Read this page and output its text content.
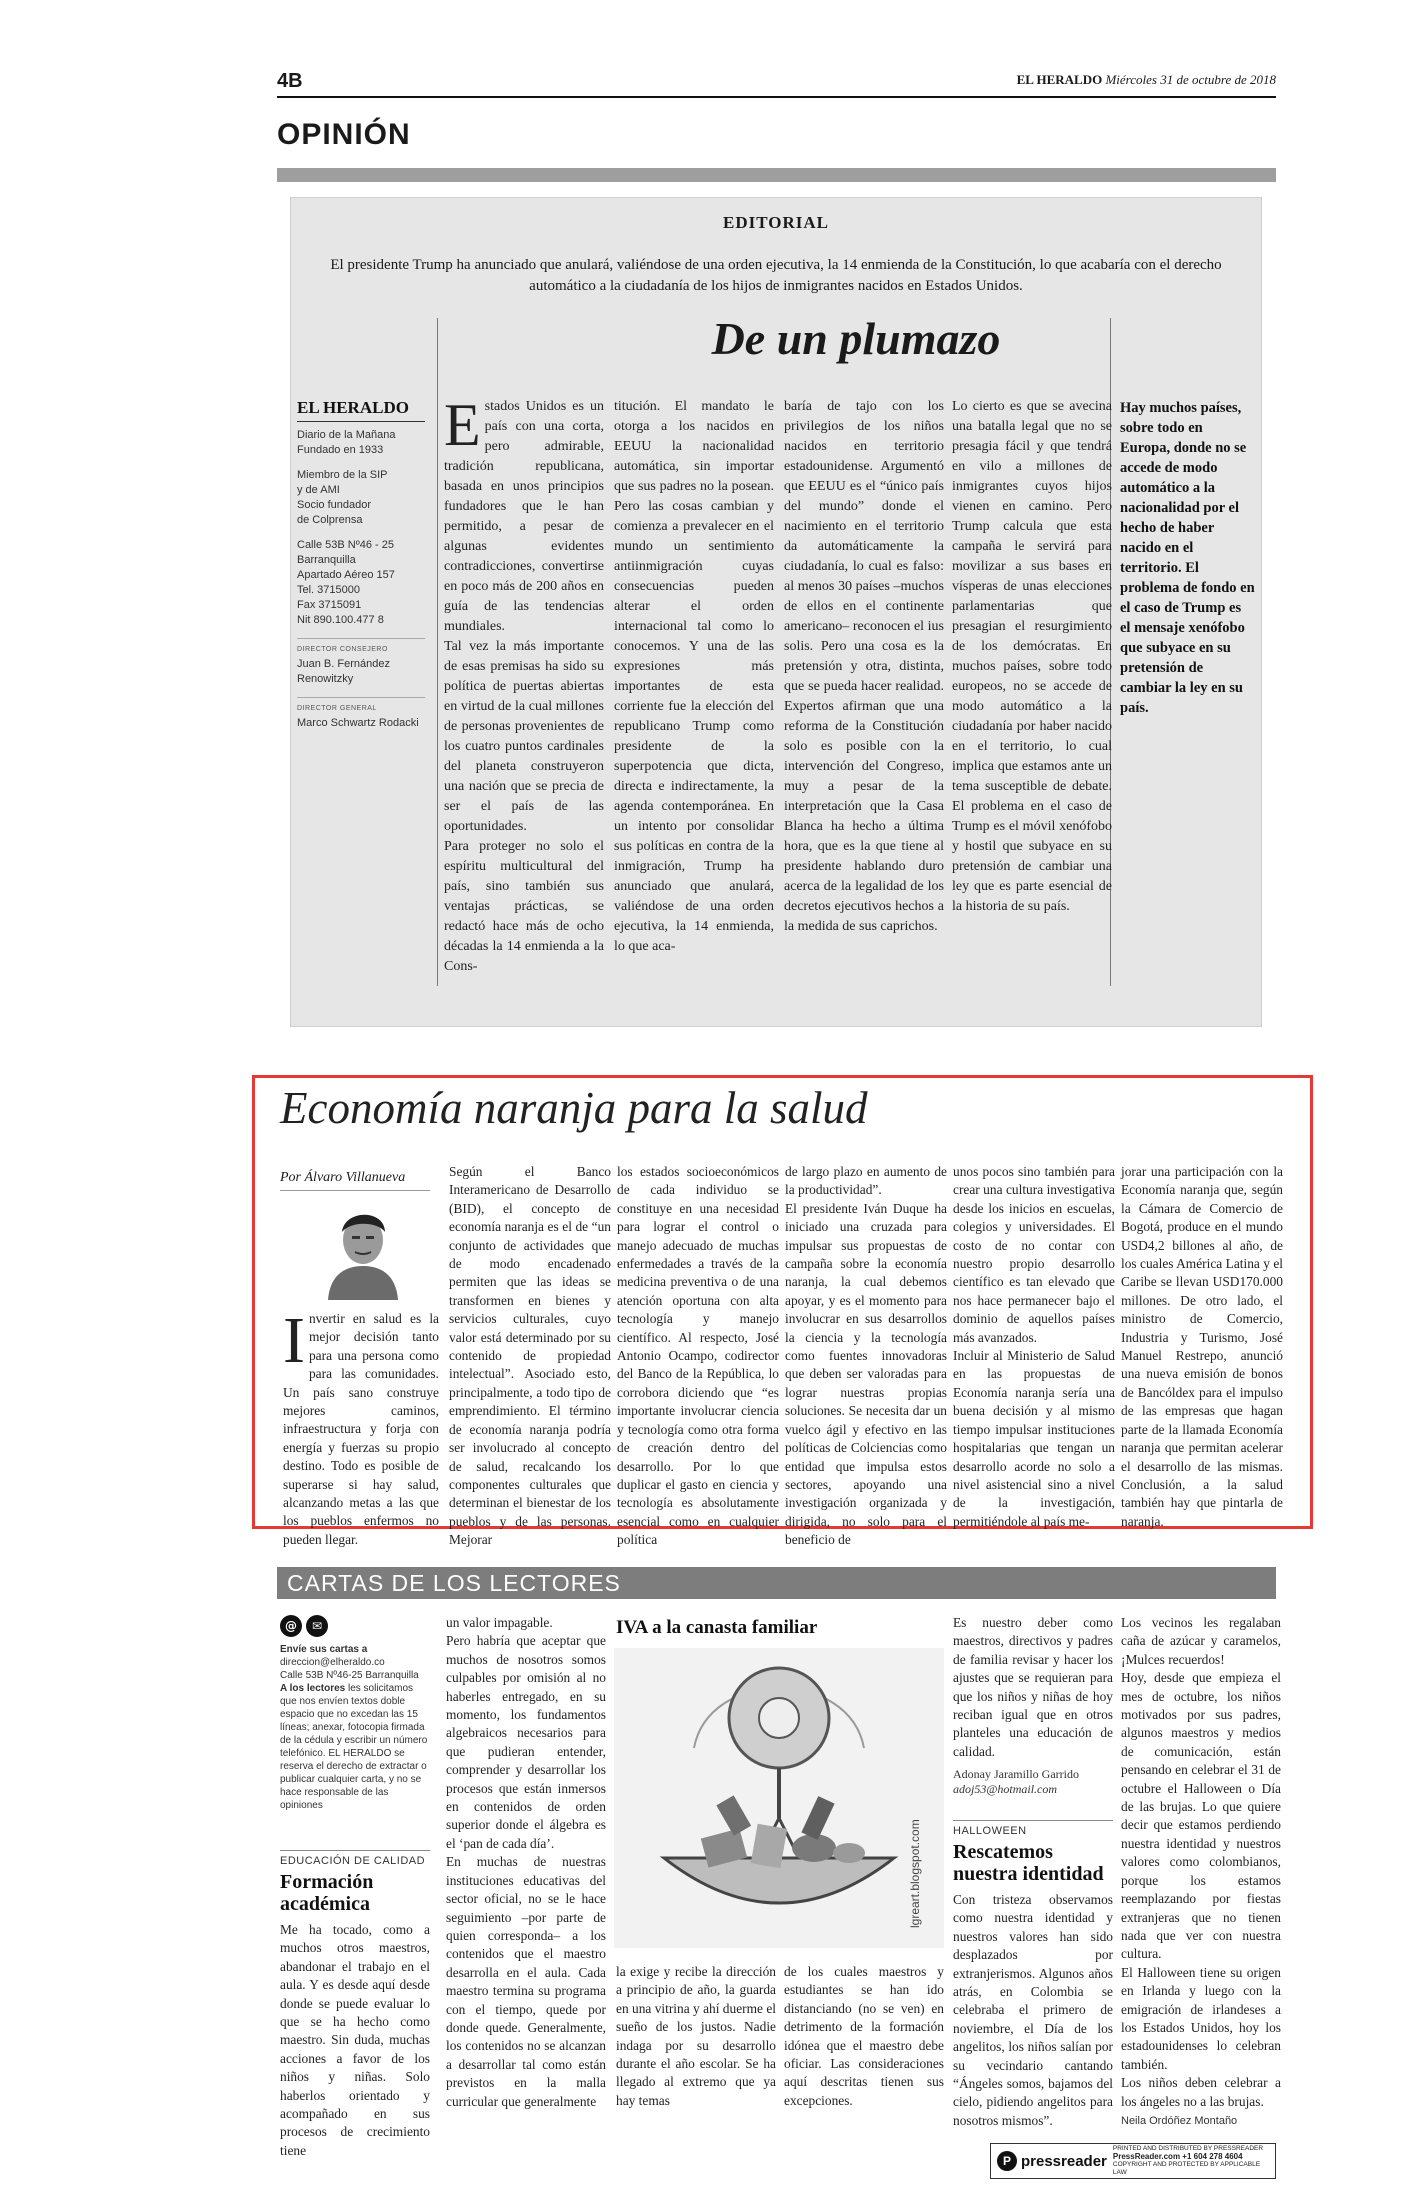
4B	EL HERALDO Miércoles 31 de octubre de 2018
OPINIÓN
EDITORIAL
El presidente Trump ha anunciado que anulará, valiéndose de una orden ejecutiva, la 14 enmienda de la Constitución, lo que acabaría con el derecho automático a la ciudadanía de los hijos de inmigrantes nacidos en Estados Unidos.
De un plumazo
EL HERALDO
Diario de la Mañana
Fundado en 1933
Miembro de la SIP
y de AMI
Socio fundador
de Colprensa
Calle 53B Nº46 - 25
Barranquilla
Apartado Aéreo 157
Tel. 3715000
Fax 3715091
Nit 890.100.477 8
DIRECTOR CONSEJERO
Juan B. Fernández Renowitzky
DIRECTOR GENERAL
Marco Schwartz Rodacki
Estados Unidos es un país con una corta, pero admirable, tradición republicana, basada en unos principios fundadores que le han permitido, a pesar de algunas evidentes contradicciones, convertirse en poco más de 200 años en guía de las tendencias mundiales.
Tal vez la más importante de esas premisas ha sido su política de puertas abiertas en virtud de la cual millones de personas provenientes de los cuatro puntos cardinales del planeta construyeron una nación que se precia de ser el país de las oportunidades.
Para proteger no solo el espíritu multicultural del país, sino también sus ventajas prácticas, se redactó hace más de ocho décadas la 14 enmienda a la Cons-
titución. El mandato le otorga a los nacidos en EEUU la nacionalidad automática, sin importar que sus padres no la posean. Pero las cosas cambian y comienza a prevalecer en el mundo un sentimiento antiinmigración cuyas consecuencias pueden alterar el orden internacional tal como lo conocemos. Y una de las expresiones más importantes de esta corriente fue la elección del republicano Trump como presidente de la superpotencia que dicta, directa e indirectamente, la agenda contemporánea. En un intento por consolidar sus políticas en contra de la inmigración, Trump ha anunciado que anulará, valiéndose de una orden ejecutiva, la 14 enmienda, lo que aca-
baría de tajo con los privilegios de los niños nacidos en territorio estadounidense. Argumentó que EEUU es el “único país del mundo” donde el nacimiento en el territorio da automáticamente la ciudadanía, lo cual es falso: al menos 30 países –muchos de ellos en el continente americano– reconocen el ius solis. Pero una cosa es la pretensión y otra, distinta, que se pueda hacer realidad. Expertos afirman que una reforma de la Constitución solo es posible con la intervención del Congreso, muy a pesar de la interpretación que la Casa Blanca ha hecho a última hora, que es la que tiene al presidente hablando duro acerca de la legalidad de los decretos ejecutivos hechos a la medida de sus caprichos.
Lo cierto es que se avecina una batalla legal que no se presagia fácil y que tendrá en vilo a millones de inmigrantes cuyos hijos vienen en camino. Pero Trump calcula que esta campaña le servirá para movilizar a sus bases en vísperas de unas elecciones parlamentarias que presagian el resurgimiento de los demócratas. En muchos países, sobre todo europeos, no se accede de modo automático a la ciudadanía por haber nacido en el territorio, lo cual implica que estamos ante un tema susceptible de debate. El problema en el caso de Trump es el móvil xenófobo y hostil que subyace en su pretensión de cambiar una ley que es parte esencial de la historia de su país.
Hay muchos países, sobre todo en Europa, donde no se accede de modo automático a la nacionalidad por el hecho de haber nacido en el territorio. El problema de fondo en el caso de Trump es el mensaje xenófobo que subyace en su pretensión de cambiar la ley en su país.
Economía naranja para la salud
Por Álvaro Villanueva
Invertir en salud es la mejor decisión tanto para una persona como para las comunidades. Un país sano construye mejores caminos, infraestructura y forja con energía y fuerzas su propio destino. Todo es posible de superarse si hay salud, alcanzando metas a las que los pueblos enfermos no pueden llegar.
Según el Banco Interamericano de Desarrollo (BID), el concepto de economía naranja es el de “un conjunto de actividades que de modo encadenado permiten que las ideas se transformen en bienes y servicios culturales, cuyo valor está determinado por su contenido de propiedad intelectual”. Asociado esto, principalmente, a todo tipo de emprendimiento. El término de economía naranja podría ser involucrado al concepto de salud, recalcando los componentes culturales que determinan el bienestar de los pueblos y de las personas. Mejorar
los estados socioeconómicos de cada individuo se constituye en una necesidad para lograr el control o manejo adecuado de muchas enfermedades a través de la medicina preventiva o de una atención oportuna con alta tecnología y manejo científico. Al respecto, José Antonio Ocampo, codirector del Banco de la República, lo corrobora diciendo que “es importante involucrar ciencia y tecnología como otra forma de creación dentro del desarrollo. Por lo que duplicar el gasto en ciencia y tecnología es absolutamente esencial como en cualquier política
de largo plazo en aumento de la productividad”.
El presidente Iván Duque ha iniciado una cruzada para impulsar sus propuestas de campaña sobre la economía naranja, la cual debemos apoyar, y es el momento para involucrar en sus desarrollos la ciencia y la tecnología como fuentes innovadoras que deben ser valoradas para lograr nuestras propias soluciones. Se necesita dar un vuelco ágil y efectivo en las políticas de Colciencias como entidad que impulsa estos sectores, apoyando una investigación organizada y dirigida, no solo para el beneficio de
unos pocos sino también para crear una cultura investigativa desde los inicios en escuelas, colegios y universidades. El costo de no contar con nuestro propio desarrollo científico es tan elevado que nos hace permanecer bajo el dominio de aquellos países más avanzados.
Incluir al Ministerio de Salud en las propuestas de Economía naranja sería una buena decisión y al mismo tiempo impulsar instituciones hospitalarias que tengan un desarrollo acorde no solo a nivel asistencial sino a nivel de la investigación, permitiéndole al país me-
jorar una participación con la Economía naranja que, según la Cámara de Comercio de Bogotá, produce en el mundo USD4,2 billones al año, de los cuales América Latina y el Caribe se llevan USD170.000 millones. De otro lado, el ministro de Comercio, Industria y Turismo, José Manuel Restrepo, anunció una nueva emisión de bonos de Bancóldex para el impulso de las empresas que hagan parte de la llamada Economía naranja que permitan acelerar el desarrollo de las mismas. Conclusión, a la salud también hay que pintarla de naranja.
CARTAS DE LOS LECTORES
@	✉
Envíe sus cartas a
direccion@elheraldo.co
Calle 53B Nº46-25 Barranquilla
A los lectores les solicitamos que nos envíen textos doble espacio que no excedan las 15 líneas; anexar, fotocopia firmada de la cédula y escribir un número telefónico. EL HERALDO se reserva el derecho de extractar o publicar cualquier carta, y no se hace responsable de las opiniones
EDUCACIÓN DE CALIDAD
Formación académica
Me ha tocado, como a muchos otros maestros, abandonar el trabajo en el aula. Y es desde aquí desde donde se puede evaluar lo que se ha hecho como maestro. Sin duda, muchas acciones a favor de los niños y niñas. Solo haberlos orientado y acompañado en sus procesos de crecimiento tiene
un valor impagable.
Pero habría que aceptar que muchos de nosotros somos culpables por omisión al no haberles entregado, en su momento, los fundamentos algebraicos necesarios para que pudieran entender, comprender y desarrollar los procesos que están inmersos en contenidos de orden superior donde el álgebra es el ‘pan de cada día’.
En muchas de nuestras instituciones educativas del sector oficial, no se le hace seguimiento –por parte de quien corresponda– a los contenidos que el maestro desarrolla en el aula. Cada maestro termina su programa con el tiempo, quede por donde quede. Generalmente, los contenidos no se alcanzan a desarrollar tal como están previstos en la malla curricular que generalmente
IVA a la canasta familiar
lgreart.blogspot.com
la exige y recibe la dirección a principio de año, la guarda en una vitrina y ahí duerme el sueño de los justos. Nadie indaga por su desarrollo durante el año escolar. Se ha llegado al extremo que ya hay temas
de los cuales maestros y estudiantes se han ido distanciando (no se ven) en detrimento de la formación idónea que el maestro debe oficiar. Las consideraciones aquí descritas tienen sus excepciones.
Es nuestro deber como maestros, directivos y padres de familia revisar y hacer los ajustes que se requieran para que los niños y niñas de hoy reciban igual que en otros planteles una educación de calidad.
Adonay Jaramillo Garrido
adoj53@hotmail.com
HALLOWEEN
Rescatemos nuestra identidad
Con tristeza observamos como nuestra identidad y nuestros valores han sido desplazados por extranjerismos. Algunos años atrás, en Colombia se celebraba el primero de noviembre, el Día de los angelitos, los niños salían por su vecindario cantando “Ángeles somos, bajamos del cielo, pidiendo angelitos para nosotros mismos”.
Los vecinos les regalaban caña de azúcar y caramelos, ¡Mulces recuerdos!
Hoy, desde que empieza el mes de octubre, los niños motivados por sus padres, algunos maestros y medios de comunicación, están pensando en celebrar el 31 de octubre el Halloween o Día de las brujas. Lo que quiere decir que estamos perdiendo nuestra identidad y nuestros valores como colombianos, porque los estamos reemplazando por fiestas extranjeras que no tienen nada que ver con nuestra cultura.
El Halloween tiene su origen en Irlanda y luego con la emigración de irlandeses a los Estados Unidos, hoy los estadounidenses lo celebran también.
Los niños deben celebrar a los ángeles no a las brujas.
Neila Ordóñez Montaño
P pressreader
PRINTED AND DISTRIBUTED BY PRESSREADER
PressReader.com +1 604 278 4604
COPYRIGHT AND PROTECTED BY APPLICABLE LAW
